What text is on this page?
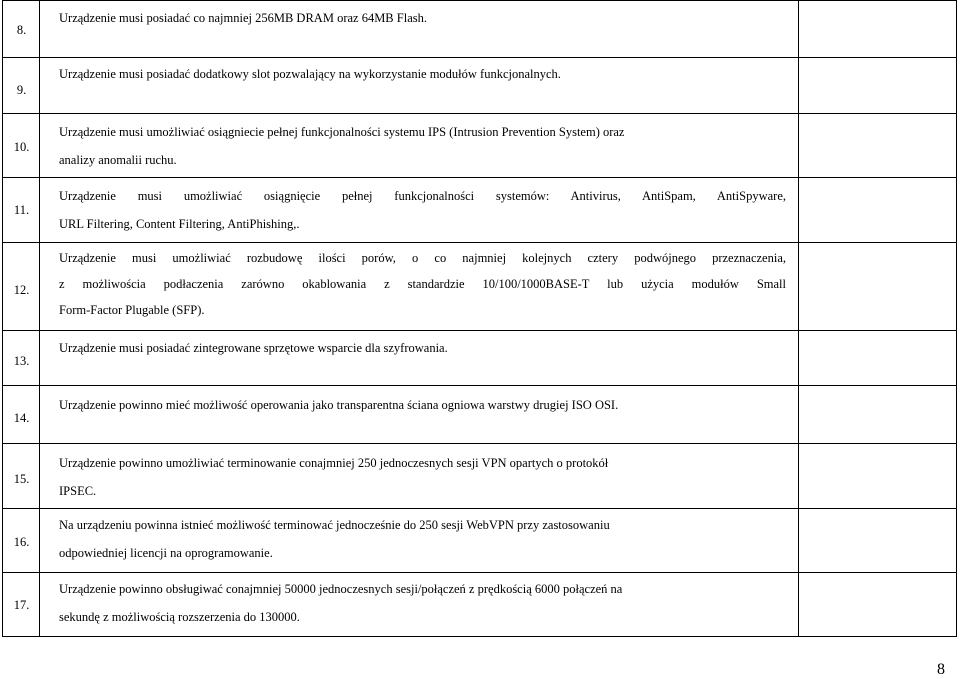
8.
Urządzenie musi posiadać co najmniej 256MB DRAM oraz 64MB Flash.
9.
Urządzenie musi posiadać dodatkowy slot pozwalający na wykorzystanie modułów funkcjonalnych.
10.
Urządzenie musi umożliwiać osiągniecie pełnej funkcjonalności systemu IPS (Intrusion Prevention System) oraz
analizy anomalii ruchu.
11.
Urządzenie musi umożliwiać osiągnięcie pełnej funkcjonalności systemów: Antivirus, AntiSpam, AntiSpyware,
URL Filtering, Content Filtering, AntiPhishing,.
12.
Urządzenie musi umożliwiać rozbudowę ilości porów, o co najmniej kolejnych cztery podwójnego przeznaczenia,
z możliwościa podłaczenia zarówno okablowania z standardzie 10/100/1000BASE-T lub użycia modułów Small
Form-Factor Plugable (SFP).
13.
Urządzenie musi posiadać zintegrowane sprzętowe wsparcie dla szyfrowania.
14.
Urządzenie powinno mieć możliwość operowania jako transparentna ściana ogniowa warstwy drugiej ISO OSI.
15.
Urządzenie powinno umożliwiać terminowanie conajmniej 250 jednoczesnych sesji VPN opartych o protokół
IPSEC.
16.
Na urządzeniu powinna istnieć możliwość terminować jednocześnie do 250 sesji WebVPN przy zastosowaniu
odpowiedniej licencji na oprogramowanie.
17.
Urządzenie powinno obsługiwać conajmniej 50000 jednoczesnych sesji/połączeń z prędkością 6000 połączeń na
sekundę z możliwością rozszerzenia do 130000.
8
